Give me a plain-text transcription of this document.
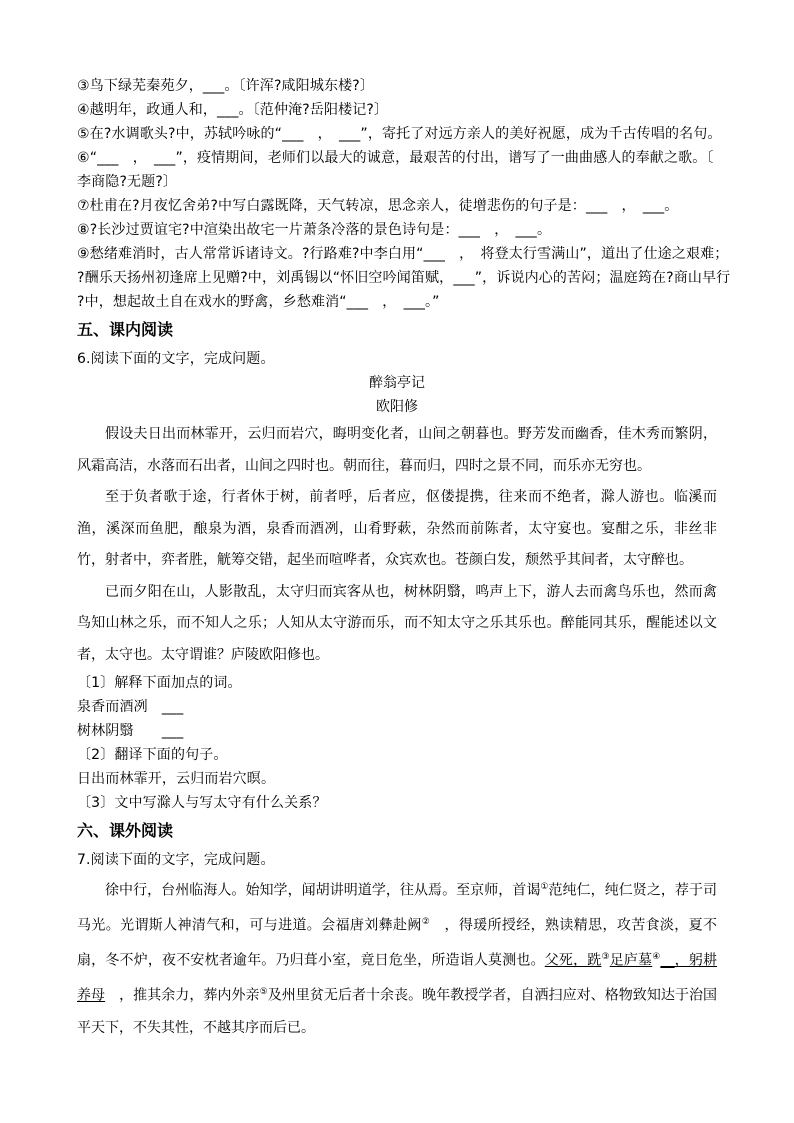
③鸟下绿芜秦苑夕，___。〔许浑?咸阳城东楼?〕
④越明年，政通人和，___。〔范仲淹?岳阳楼记?〕
⑤在?水调歌头?中，苏轼吟咏的“___　，　___”，寄托了对远方亲人的美好祝愿，成为千古传唱的名句。
⑥“___　，　___”，疫情期间，老师们以最大的诚意，最艰苦的付出，谱写了一曲曲感人的奉献之歌。〔
李商隐?无题?〕
⑦杜甫在?月夜忆舍弟?中写白露既降，天气转凉，思念亲人，徒增悲伤的句子是：___　，　___。
⑧?长沙过贾谊宅?中渲染出故宅一片萧条冷落的景色诗句是：___　，　___。
⑨愁绪难消时，古人常常诉诸诗文。?行路难?中李白用“___　，　将登太行雪满山”，道出了仕途之艰难；
?酬乐天扬州初逢席上见赠?中，刘禹锡以“怀旧空吟闻笛赋，___”，诉说内心的苦闷；温庭筠在?商山早行
?中，想起故土自在戏水的野禽，乡愁难消“___　，　___。”
五、课内阅读
6.阅读下面的文字，完成问题。
醉翁亭记
欧阳修

假设夫日出而林霏开，云归而岩穴，晦明变化者，山间之朝暮也。野芳发而幽香，佳木秀而繁阴，风霜高洁，水落而石出者，山间之四时也。朝而往，暮而归，四时之景不同，而乐亦无穷也。

至于负者歌于途，行者休于树，前者呼，后者应，伛偻提携，往来而不绝者，滁人游也。临溪而渔，溪深而鱼肥，酿泉为酒，泉香而酒冽，山肴野蔌，杂然而前陈者，太守宴也。宴酣之乐，非丝非竹，射者中，弈者胜，觥筹交错，起坐而喧哗者，众宾欢也。苍颜白发，颓然乎其间者，太守醉也。

已而夕阳在山，人影散乱，太守归而宾客从也，树林阴翳，鸣声上下，游人去而禽鸟乐也，然而禽鸟知山林之乐，而不知人之乐；人知从太守游而乐，而不知太守之乐其乐也。醉能同其乐，醒能述以文者，太守也。太守谓谁？庐陵欧阳修也。

〔1〕解释下面加点的词。
泉香而酒冽　___
树林阴翳　　___
〔2〕翻译下面的句子。
日出而林霏开，云归而岩穴暝。
〔3〕文中写滁人与写太守有什么关系？
六、课外阅读
7.阅读下面的文字，完成问题。

徐中行，台州临海人。始知学，闻胡讲明道学，往从焉。至京师，首谒①范纯仁，纯仁贤之，荐于司马光。光谓斯人神清气和，可与进道。会福唐刘彝赴阙②　，得瑗所授经，熟读精思，攻苦食淡，夏不扇，冬不炉，夜不安枕者逾年。乃归葺小室，竟日危坐，所造诣人莫测也。父死，跣③足庐墓④__，躬耕养母　，推其余力，葬内外亲⑤及州里贫无后者十余丧。晚年教授学者，自洒扫应对、格物致知达于治国平天下，不失其性，不越其序而后已。
